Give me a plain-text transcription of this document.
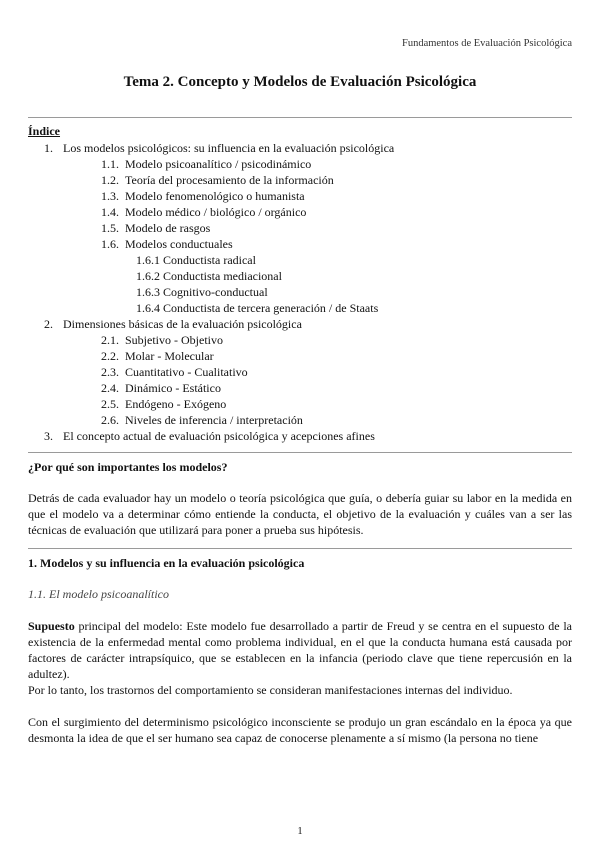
Fundamentos de Evaluación Psicológica
Tema 2. Concepto y Modelos de Evaluación Psicológica
Índice
1. Los modelos psicológicos: su influencia en la evaluación psicológica
1.1. Modelo psicoanalítico / psicodinámico
1.2. Teoría del procesamiento de la información
1.3. Modelo fenomenológico o humanista
1.4. Modelo médico / biológico / orgánico
1.5. Modelo de rasgos
1.6. Modelos conductuales
1.6.1 Conductista radical
1.6.2 Conductista mediacional
1.6.3 Cognitivo-conductual
1.6.4 Conductista de tercera generación / de Staats
2. Dimensiones básicas de la evaluación psicológica
2.1. Subjetivo - Objetivo
2.2. Molar - Molecular
2.3. Cuantitativo - Cualitativo
2.4. Dinámico - Estático
2.5. Endógeno - Exógeno
2.6. Niveles de inferencia / interpretación
3. El concepto actual de evaluación psicológica y acepciones afines
¿Por qué son importantes los modelos?
Detrás de cada evaluador hay un modelo o teoría psicológica que guía, o debería guiar su labor en la medida en que el modelo va a determinar cómo entiende la conducta, el objetivo de la evaluación y cuáles van a ser las técnicas de evaluación que utilizará para poner a prueba sus hipótesis.
1. Modelos y su influencia en la evaluación psicológica
1.1. El modelo psicoanalítico
Supuesto principal del modelo: Este modelo fue desarrollado a partir de Freud y se centra en el supuesto de la existencia de la enfermedad mental como problema individual, en el que la conducta humana está causada por factores de carácter intrapsíquico, que se establecen en la infancia (periodo clave que tiene repercusión en la adultez).
Por lo tanto, los trastornos del comportamiento se consideran manifestaciones internas del individuo.
Con el surgimiento del determinismo psicológico inconsciente se produjo un gran escándalo en la época ya que desmonta la idea de que el ser humano sea capaz de conocerse plenamente a sí mismo (la persona no tiene
1
